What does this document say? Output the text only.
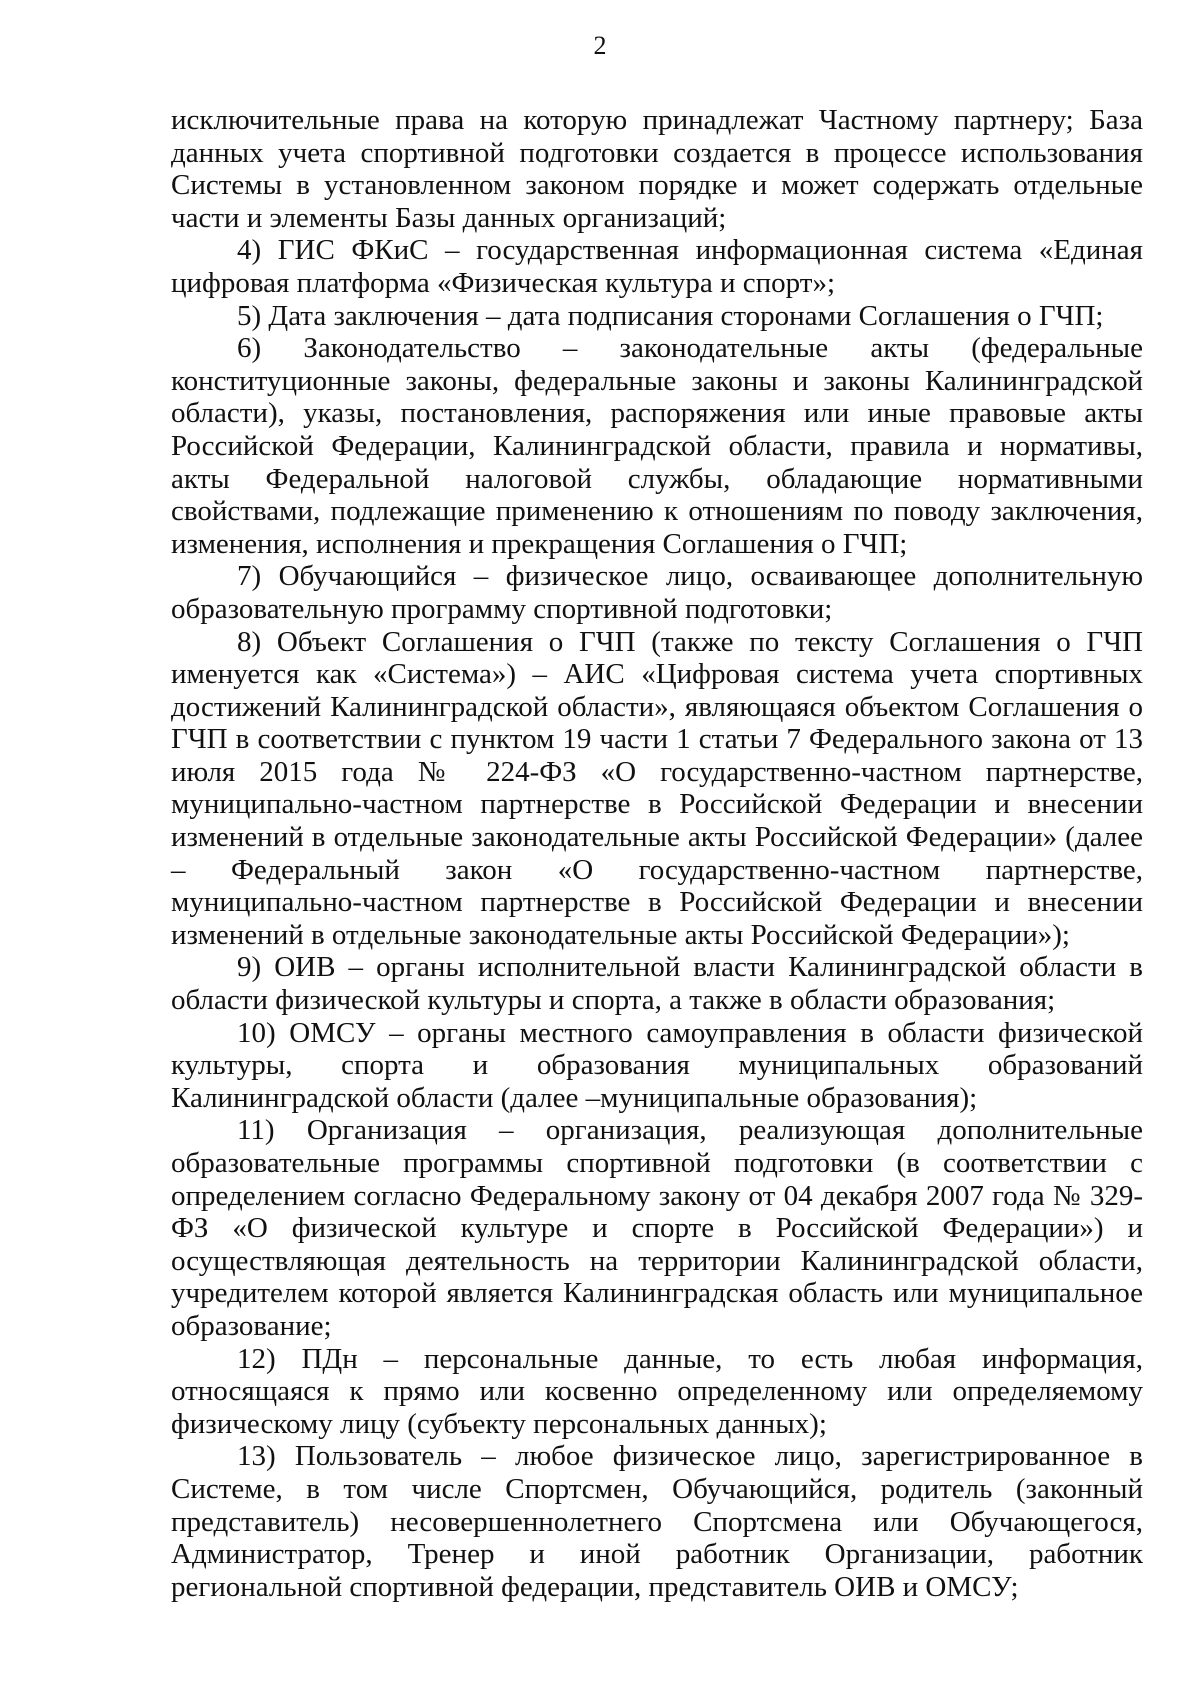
2

исключительные права на которую принадлежат Частному партнеру; База данных учета спортивной подготовки создается в процессе использования Системы в установленном законом порядке и может содержать отдельные части и элементы Базы данных организаций;

4) ГИС ФКиС – государственная информационная система «Единая цифровая платформа «Физическая культура и спорт»;

5) Дата заключения – дата подписания сторонами Соглашения о ГЧП;

6) Законодательство – законодательные акты (федеральные конституционные законы, федеральные законы и законы Калининградской области), указы, постановления, распоряжения или иные правовые акты Российской Федерации, Калининградской области, правила и нормативы, акты Федеральной налоговой службы, обладающие нормативными свойствами, подлежащие применению к отношениям по поводу заключения, изменения, исполнения и прекращения Соглашения о ГЧП;

7) Обучающийся – физическое лицо, осваивающее дополнительную образовательную программу спортивной подготовки;

8) Объект Соглашения о ГЧП (также по тексту Соглашения о ГЧП именуется как «Система») – АИС «Цифровая система учета спортивных достижений Калининградской области», являющаяся объектом Соглашения о ГЧП в соответствии с пунктом 19 части 1 статьи 7 Федерального закона от 13 июля 2015 года № 224-ФЗ «О государственно-частном партнерстве, муниципально-частном партнерстве в Российской Федерации и внесении изменений в отдельные законодательные акты Российской Федерации» (далее – Федеральный закон «О государственно-частном партнерстве, муниципально-частном партнерстве в Российской Федерации и внесении изменений в отдельные законодательные акты Российской Федерации»);

9) ОИВ – органы исполнительной власти Калининградской области в области физической культуры и спорта, а также в области образования;

10) ОМСУ – органы местного самоуправления в области физической культуры, спорта и образования муниципальных образований Калининградской области (далее –муниципальные образования);

11) Организация – организация, реализующая дополнительные образовательные программы спортивной подготовки (в соответствии с определением согласно Федеральному закону от 04 декабря 2007 года № 329-ФЗ «О физической культуре и спорте в Российской Федерации») и осуществляющая деятельность на территории Калининградской области, учредителем которой является Калининградская область или муниципальное образование;

12) ПДн – персональные данные, то есть любая информация, относящаяся к прямо или косвенно определенному или определяемому физическому лицу (субъекту персональных данных);

13) Пользователь – любое физическое лицо, зарегистрированное в Системе, в том числе Спортсмен, Обучающийся, родитель (законный представитель) несовершеннолетнего Спортсмена или Обучающегося, Администратор, Тренер и иной работник Организации, работник региональной спортивной федерации, представитель ОИВ и ОМСУ;
